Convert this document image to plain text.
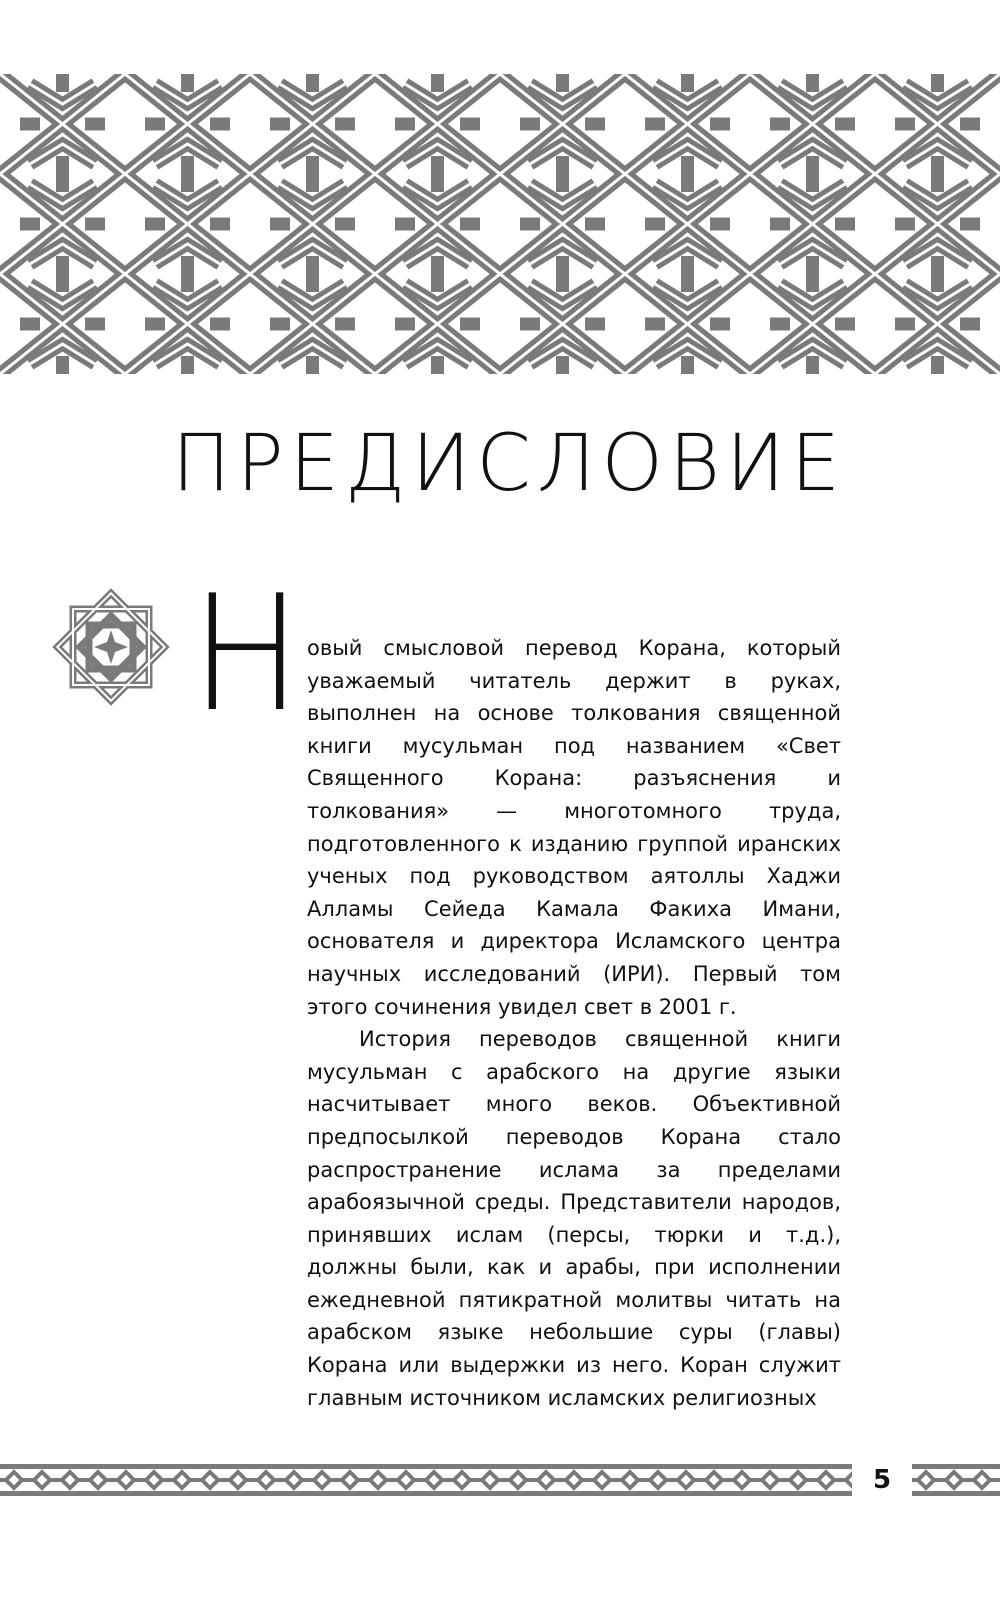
ПРЕДИСЛОВИЕ
Н овый смысловой перевод Корана, который уважаемый читатель держит в руках, выполнен на основе толкования священной книги мусульман под названием «Свет Священного Корана: разъяснения и толкования» — многотомного труда, подготовленного к изданию группой иранских ученых под руководством аятоллы Хаджи Алламы Сейеда Камала Факиха Имани, основателя и директора Исламского центра научных исследований (ИРИ). Первый том этого сочинения увидел свет в 2001 г.

История переводов священной книги мусульман с арабского на другие языки насчитывает много веков. Объективной предпосылкой переводов Корана стало распространение ислама за пределами арабоязычной среды. Представители народов, принявших ислам (персы, тюрки и т.д.), должны были, как и арабы, при исполнении ежедневной пятикратной молитвы читать на арабском языке небольшие суры (главы) Корана или выдержки из него. Коран служит главным источником исламских религиозных

5
